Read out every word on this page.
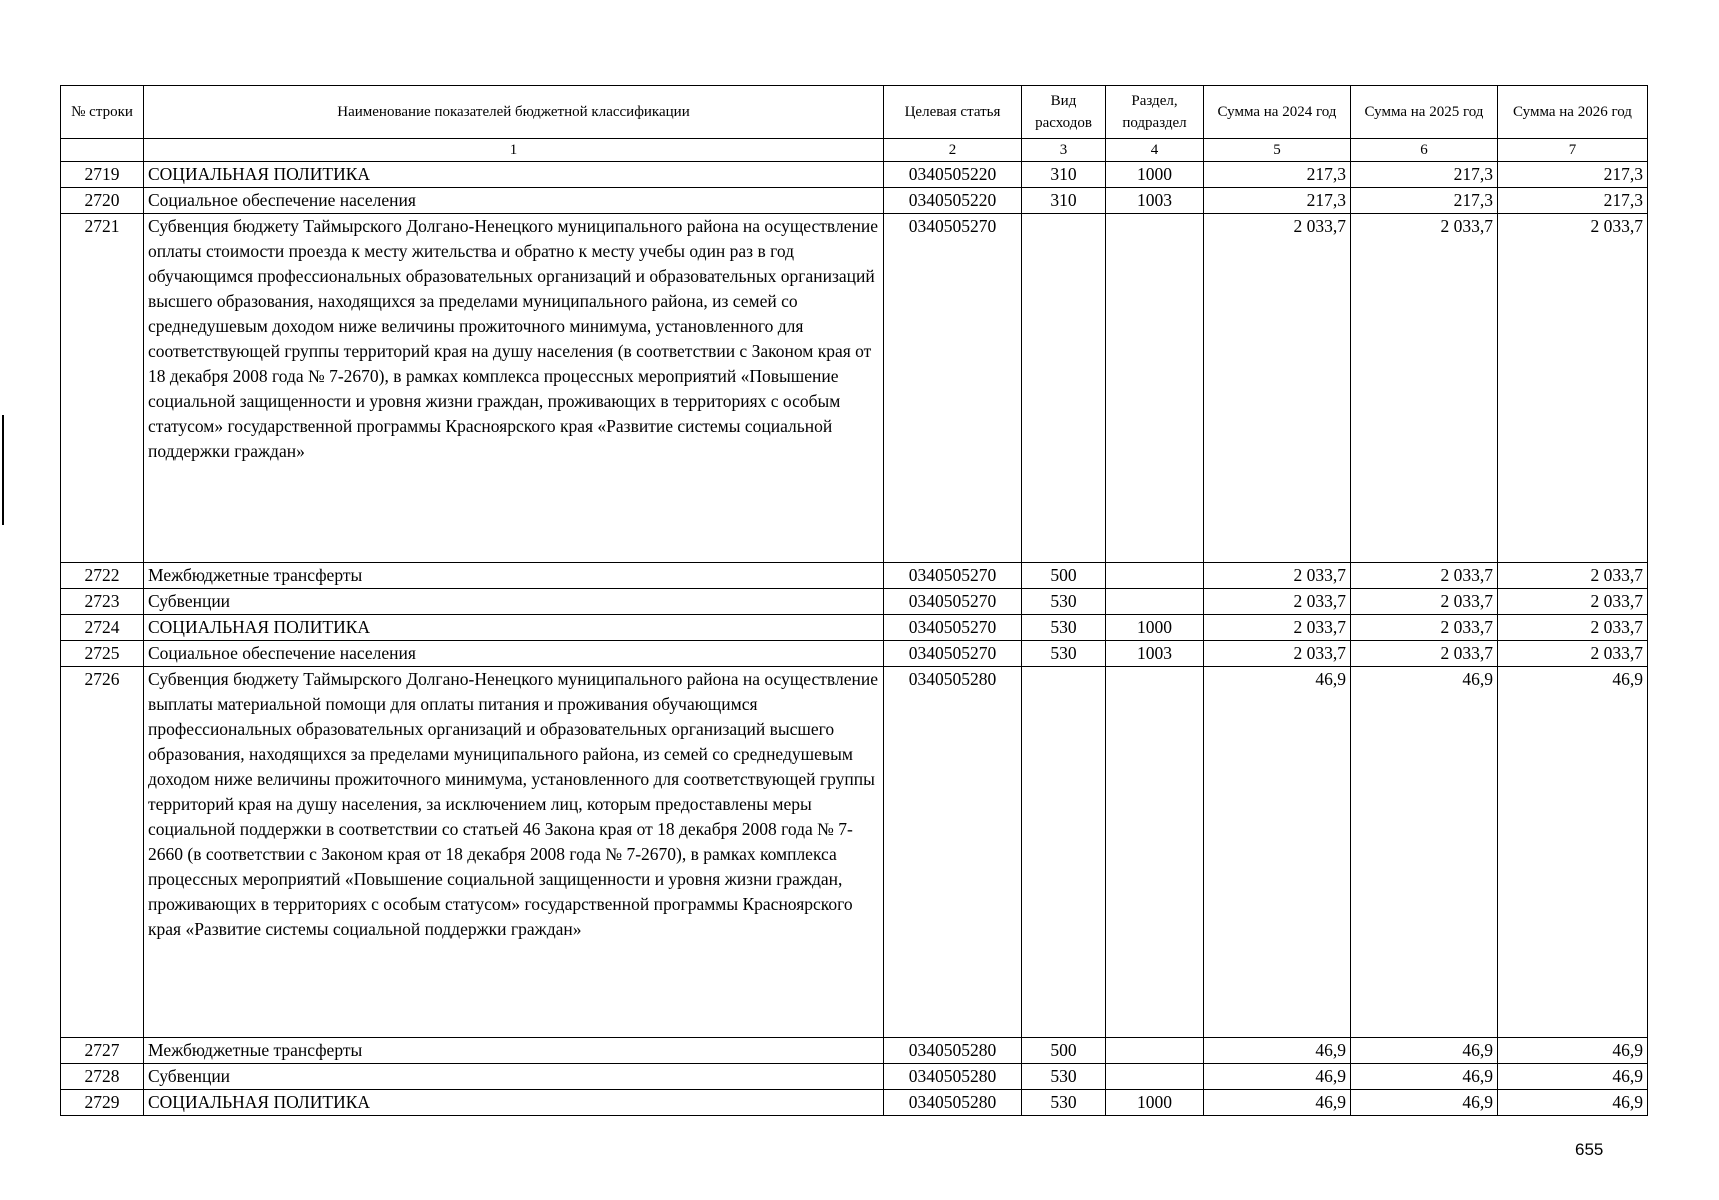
№ строки	Наименование показателей бюджетной классификации	Целевая статья	Вид расходов	Раздел, подраздел	Сумма на 2024 год	Сумма на 2025 год	Сумма на 2026 год
	1	2	3	4	5	6	7
2719	СОЦИАЛЬНАЯ ПОЛИТИКА	0340505220	310	1000	217,3	217,3	217,3
2720	Социальное обеспечение населения	0340505220	310	1003	217,3	217,3	217,3
2721	Субвенция бюджету Таймырского Долгано-Ненецкого муниципального района на осуществление оплаты стоимости проезда к месту жительства и обратно к месту учебы один раз в год обучающимся профессиональных образовательных организаций и образовательных организаций высшего образования, находящихся за пределами муниципального района, из семей со среднедушевым доходом ниже величины прожиточного минимума, установленного для соответствующей группы территорий края на душу населения (в соответствии с Законом края от 18 декабря 2008 года № 7-2670), в рамках комплекса процессных мероприятий «Повышение социальной защищенности и уровня жизни граждан, проживающих в территориях с особым статусом» государственной программы Красноярского края «Развитие системы социальной поддержки граждан»	0340505270			2 033,7	2 033,7	2 033,7
2722	Межбюджетные трансферты	0340505270	500		2 033,7	2 033,7	2 033,7
2723	Субвенции	0340505270	530		2 033,7	2 033,7	2 033,7
2724	СОЦИАЛЬНАЯ ПОЛИТИКА	0340505270	530	1000	2 033,7	2 033,7	2 033,7
2725	Социальное обеспечение населения	0340505270	530	1003	2 033,7	2 033,7	2 033,7
2726	Субвенция бюджету Таймырского Долгано-Ненецкого муниципального района на осуществление выплаты материальной помощи для оплаты питания и проживания обучающимся профессиональных образовательных организаций и образовательных организаций высшего образования, находящихся за пределами муниципального района, из семей со среднедушевым доходом ниже величины прожиточного минимума, установленного для соответствующей группы территорий края на душу населения, за исключением лиц, которым предоставлены меры социальной поддержки в соответствии со статьей 46 Закона края от 18 декабря 2008 года № 7-2660 (в соответствии с Законом края от 18 декабря 2008 года № 7-2670), в рамках комплекса процессных мероприятий «Повышение социальной защищенности и уровня жизни граждан, проживающих в территориях с особым статусом» государственной программы Красноярского края «Развитие системы социальной поддержки граждан»	0340505280			46,9	46,9	46,9
2727	Межбюджетные трансферты	0340505280	500		46,9	46,9	46,9
2728	Субвенции	0340505280	530		46,9	46,9	46,9
2729	СОЦИАЛЬНАЯ ПОЛИТИКА	0340505280	530	1000	46,9	46,9	46,9
655
